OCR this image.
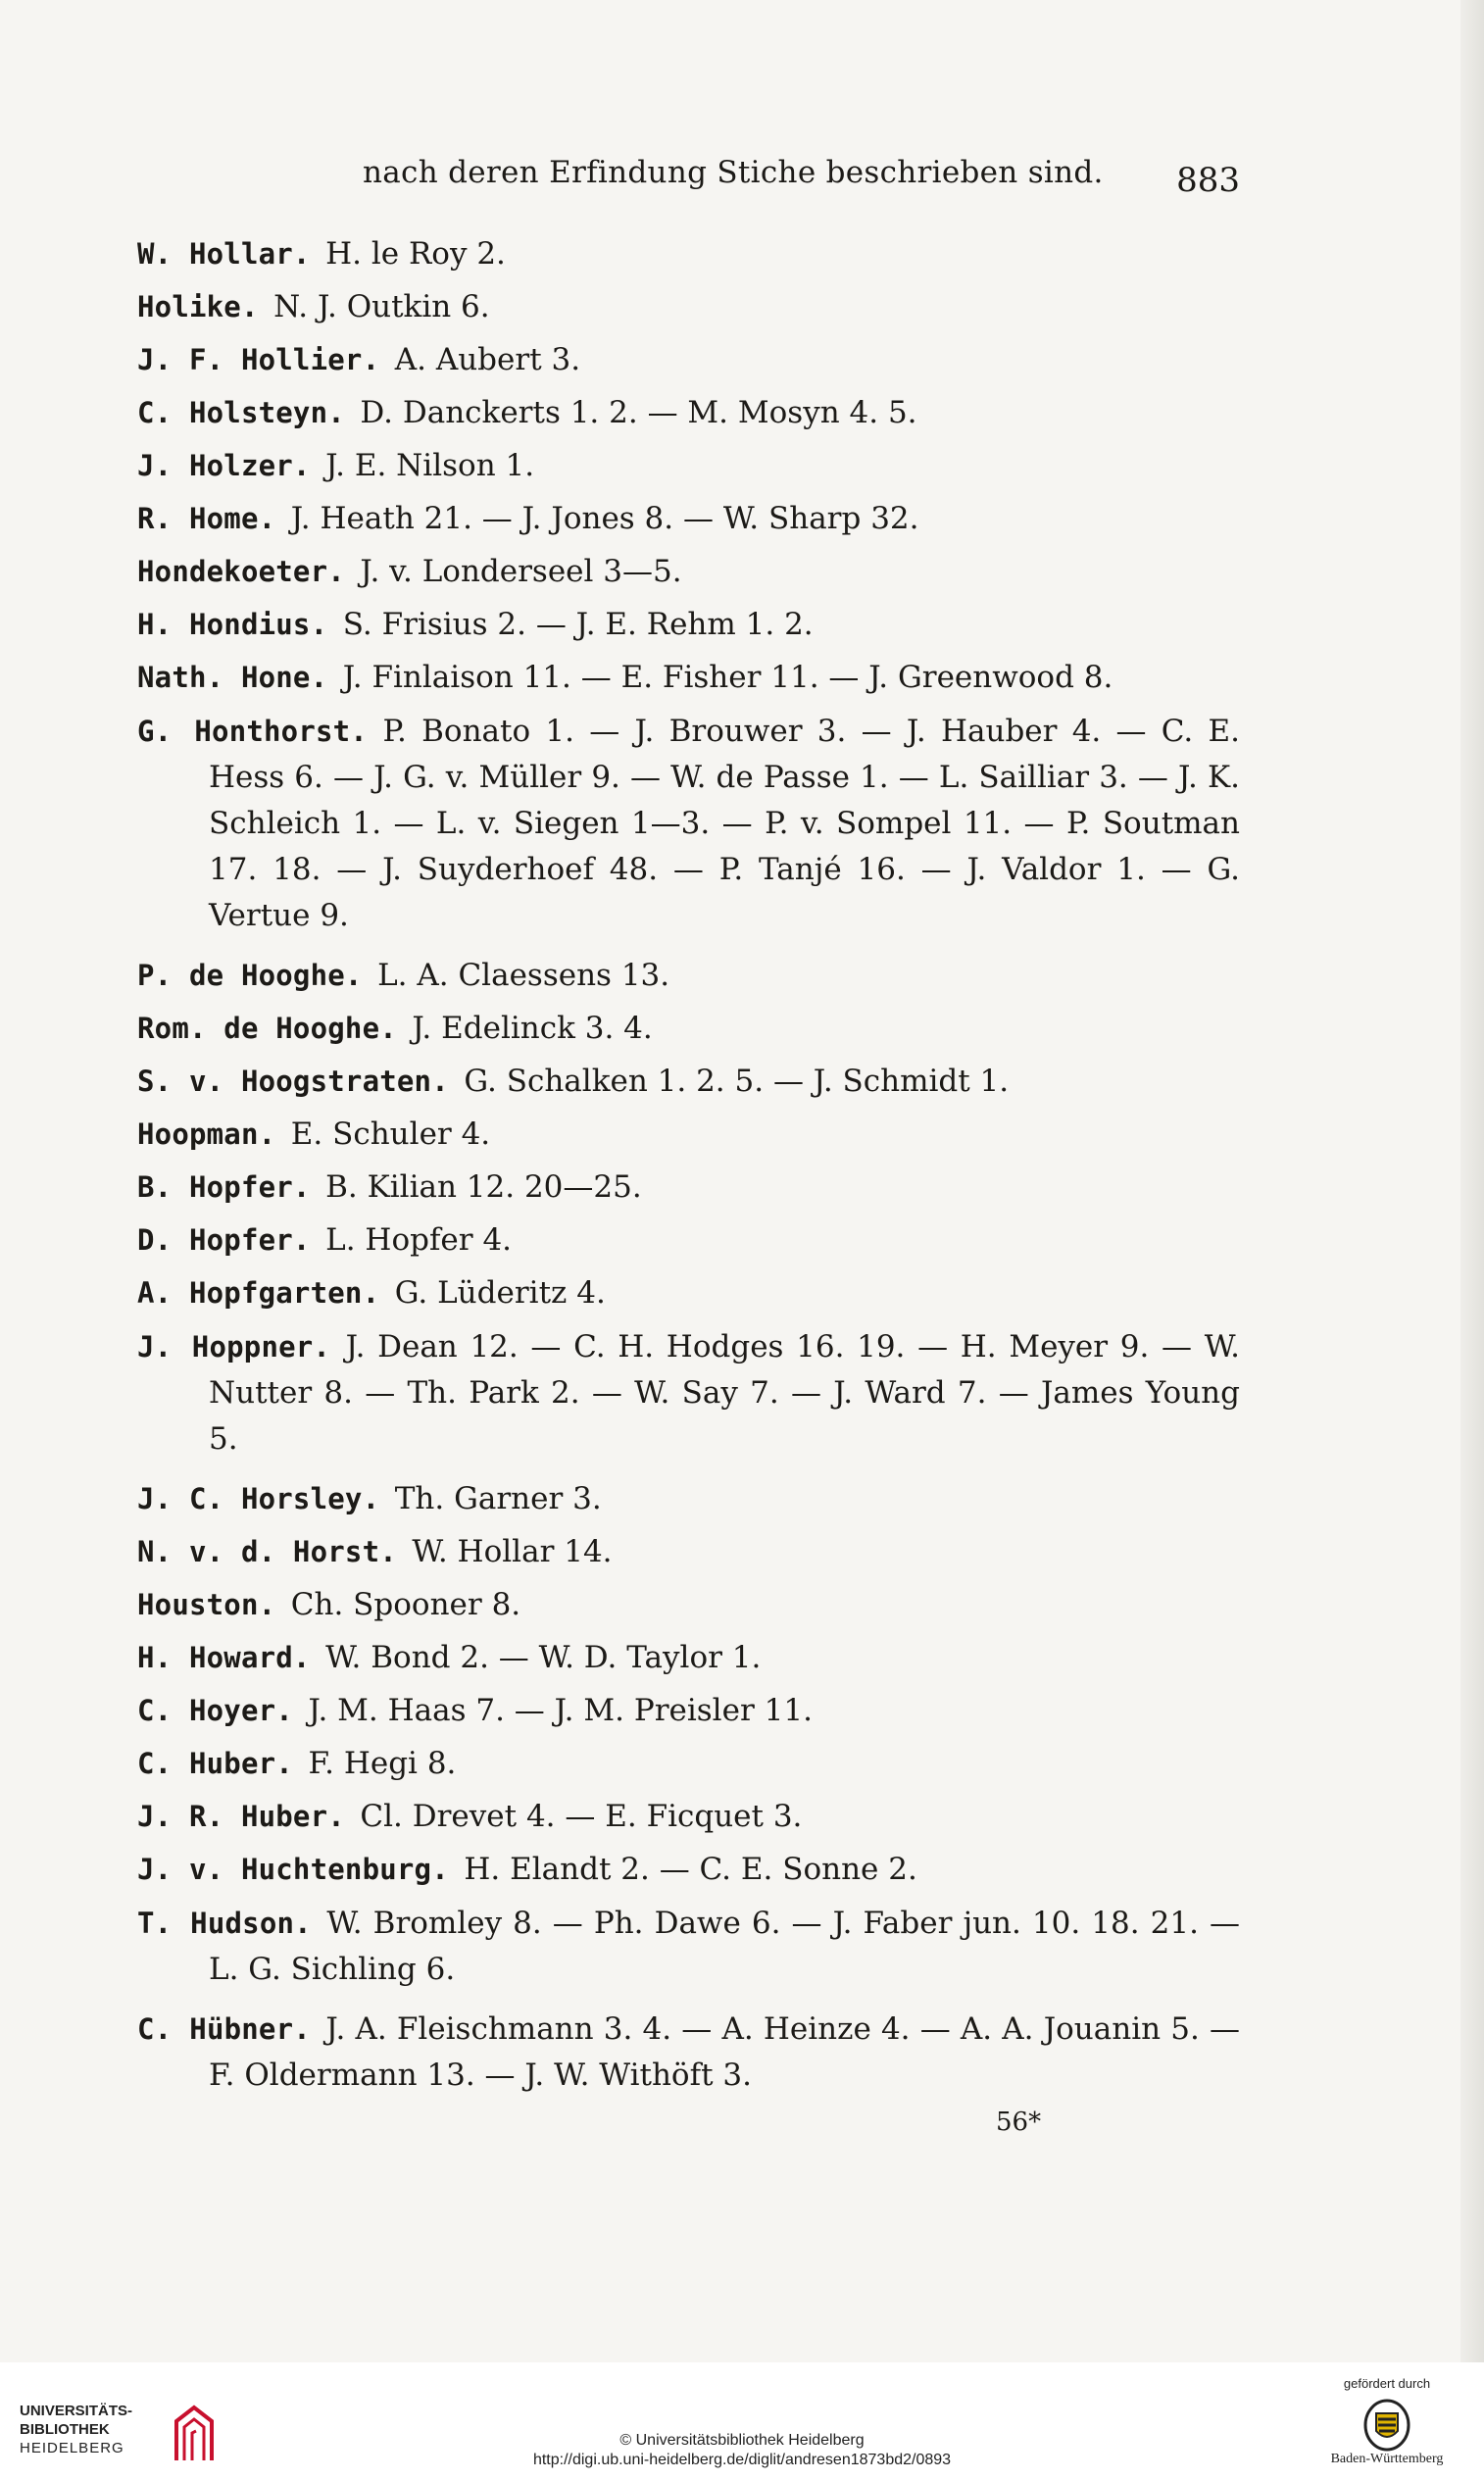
nach deren Erfindung Stiche beschrieben sind. 883
W. Hollar.  H. le Roy 2.
Holike.  N. J. Outkin 6.
J. F. Hollier.  A. Aubert 3.
C. Holsteyn.  D. Danckerts 1. 2. — M. Mosyn 4. 5.
J. Holzer.  J. E. Nilson 1.
R. Home.  J. Heath 21. — J. Jones 8. — W. Sharp 32.
Hondekoeter.  J. v. Londerseel 3—5.
H. Hondius.  S. Frisius 2. — J. E. Rehm 1. 2.
Nath. Hone.  J. Finlaison 11. — E. Fisher 11. — J. Greenwood 8.
G. Honthorst.  P. Bonato 1. — J. Brouwer 3. — J. Hauber 4. — C. E. Hess 6. — J. G. v. Müller 9. — W. de Passe 1. — L. Sailliar 3. — J. K. Schleich 1. — L. v. Siegen 1—3. — P. v. Sompel 11. — P. Soutman 17. 18. — J. Suyderhoef 48. — P. Tanjé 16. — J. Valdor 1. — G. Vertue 9.
P. de Hooghe.  L. A. Claessens 13.
Rom. de Hooghe.  J. Edelinck 3. 4.
S. v. Hoogstraten.  G. Schalken 1. 2. 5. — J. Schmidt 1.
Hoopman.  E. Schuler 4.
B. Hopfer.  B. Kilian 12. 20—25.
D. Hopfer.  L. Hopfer 4.
A. Hopfgarten.  G. Lüderitz 4.
J. Hoppner.  J. Dean 12. — C. H. Hodges 16. 19. — H. Meyer 9. — W. Nutter 8. — Th. Park 2. — W. Say 7. — J. Ward 7. — James Young 5.
J. C. Horsley.  Th. Garner 3.
N. v. d. Horst.  W. Hollar 14.
Houston.  Ch. Spooner 8.
H. Howard.  W. Bond 2. — W. D. Taylor 1.
C. Hoyer.  J. M. Haas 7. — J. M. Preisler 11.
C. Huber.  F. Hegi 8.
J. R. Huber.  Cl. Drevet 4. — E. Ficquet 3.
J. v. Huchtenburg.  H. Elandt 2. — C. E. Sonne 2.
T. Hudson.  W. Bromley 8. — Ph. Dawe 6. — J. Faber jun. 10. 18. 21. — L. G. Sichling 6.
C. Hübner.  J. A. Fleischmann 3. 4. — A. Heinze 4. — A. A. Jouanin 5. — F. Oldermann 13. — J. W. Withöft 3.
56*
UNIVERSITÄTS-
BIBLIOTHEK
HEIDELBERG	© Universitätsbibliothek Heidelberg
http://digi.ub.uni-heidelberg.de/diglit/andresen1873bd2/0893
gefördert durch
Baden-Württemberg
